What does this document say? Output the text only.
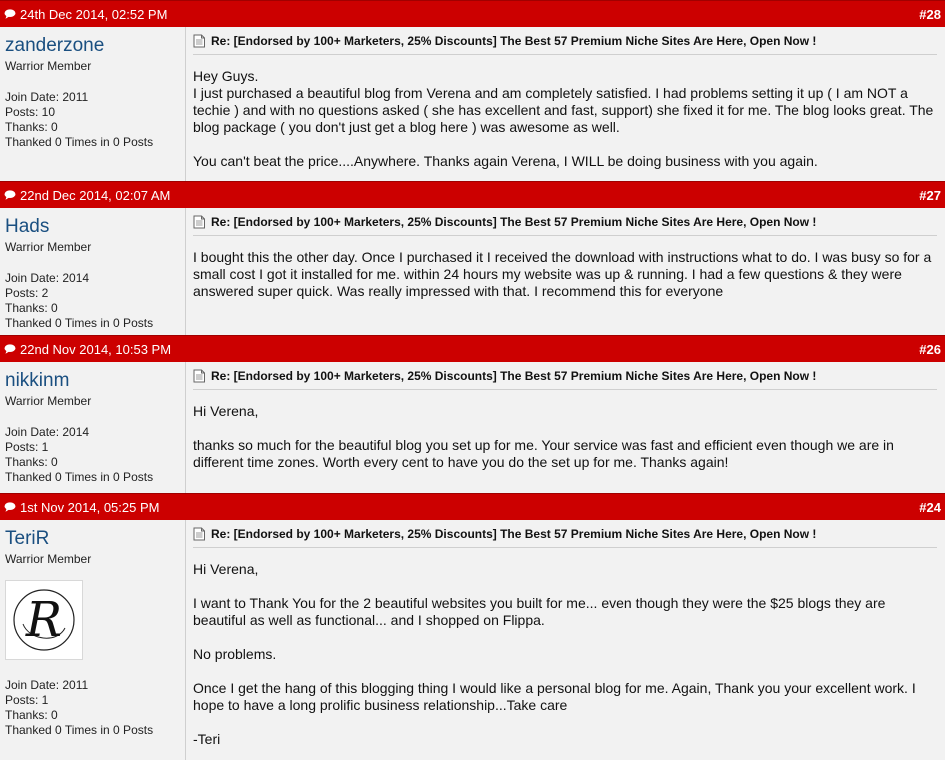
24th Dec 2014, 02:52 PM	#28
zanderzone
Warrior Member
Join Date: 2011
Posts: 10
Thanks: 0
Thanked 0 Times in 0 Posts
Re: [Endorsed by 100+ Marketers, 25% Discounts] The Best 57 Premium Niche Sites Are Here, Open Now !

Hey Guys.

I just purchased a beautiful blog from Verena and am completely satisfied. I had problems setting it up ( I am NOT a techie ) and with no questions asked ( she has excellent and fast, support) she fixed it for me. The blog looks great. The blog package ( you don't just get a blog here ) was awesome as well.

You can't beat the price....Anywhere. Thanks again Verena, I WILL be doing business with you again.

22nd Dec 2014, 02:07 AM	#27
Hads
Warrior Member
Join Date: 2014
Posts: 2
Thanks: 0
Thanked 0 Times in 0 Posts
Re: [Endorsed by 100+ Marketers, 25% Discounts] The Best 57 Premium Niche Sites Are Here, Open Now !

I bought this the other day. Once I purchased it I received the download with instructions what to do. I was busy so for a small cost I got it installed for me. within 24 hours my website was up & running. I had a few questions & they were answered super quick. Was really impressed with that. I recommend this for everyone

22nd Nov 2014, 10:53 PM	#26
nikkinm
Warrior Member
Join Date: 2014
Posts: 1
Thanks: 0
Thanked 0 Times in 0 Posts
Re: [Endorsed by 100+ Marketers, 25% Discounts] The Best 57 Premium Niche Sites Are Here, Open Now !

Hi Verena,

thanks so much for the beautiful blog you set up for me. Your service was fast and efficient even though we are in different time zones. Worth every cent to have you do the set up for me. Thanks again!

1st Nov 2014, 05:25 PM	#24
TeriR
Warrior Member
R
Join Date: 2011
Posts: 1
Thanks: 0
Thanked 0 Times in 0 Posts
Re: [Endorsed by 100+ Marketers, 25% Discounts] The Best 57 Premium Niche Sites Are Here, Open Now !

Hi Verena,

I want to Thank You for the 2 beautiful websites you built for me... even though they were the $25 blogs they are beautiful as well as functional... and I shopped on Flippa.

No problems.

Once I get the hang of this blogging thing I would like a personal blog for me. Again, Thank you your excellent work. I hope to have a long prolific business relationship...Take care

-Teri
